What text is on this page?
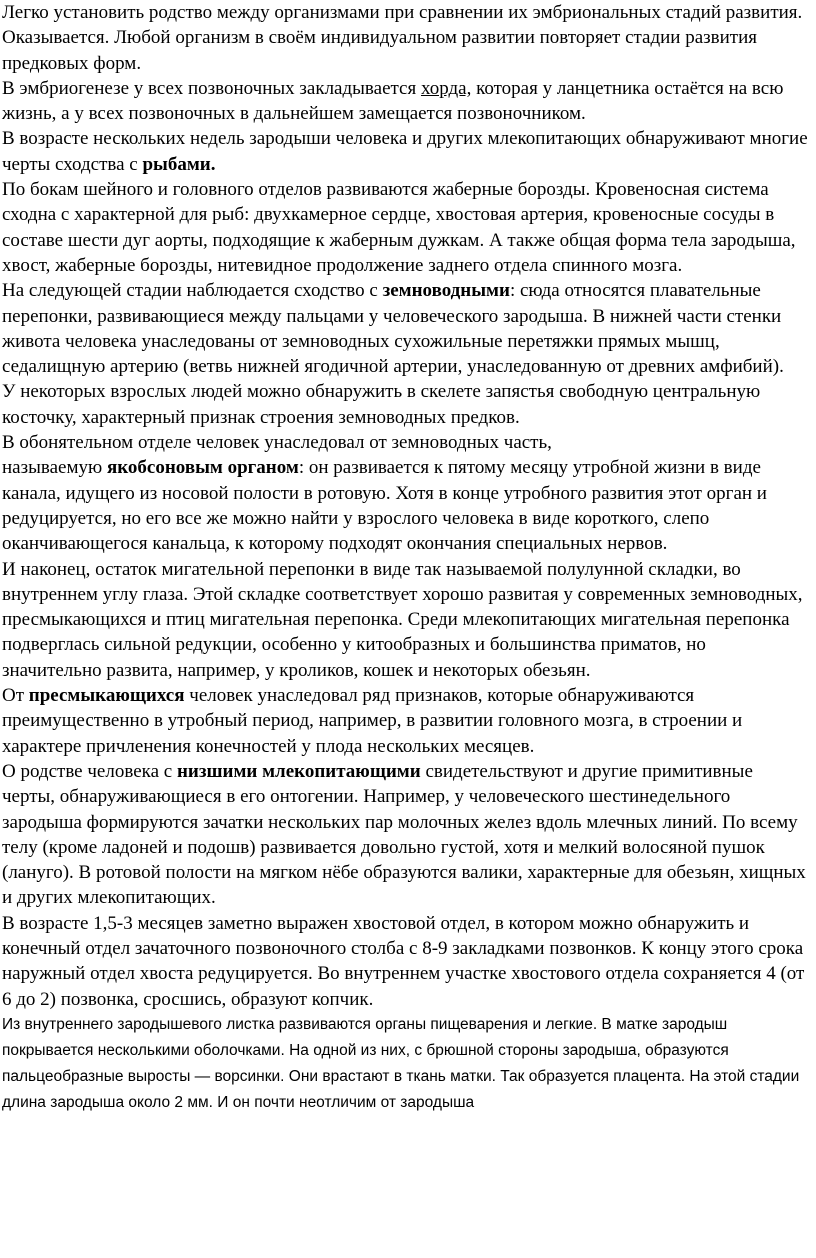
Легко установить родство между организмами при сравнении их эмбриональных стадий развития.

Оказывается. Любой организм в своём индивидуальном развитии повторяет стадии развития предковых форм.

В эмбриогенезе у всех позвоночных закладывается хорда, которая у ланцетника остаётся на всю жизнь, а у всех позвоночных в дальнейшем замещается позвоночником.

В возрасте нескольких недель зародыши человека и других млекопитающих обнаруживают многие черты сходства с рыбами.

По бокам шейного и головного отделов развиваются жаберные борозды. Кровеносная система сходна с характерной для рыб: двухкамерное сердце, хвостовая артерия, кровеносные сосуды в составе шести дуг аорты, подходящие к жаберным дужкам. А также общая форма тела зародыша, хвост, жаберные борозды, нитевидное продолжение заднего отдела спинного мозга.

На следующей стадии наблюдается сходство с земноводными: сюда относятся плавательные перепонки, развивающиеся между пальцами у человеческого зародыша. В нижней части стенки живота человека унаследованы от земноводных сухожильные перетяжки прямых мышц, седалищную артерию (ветвь нижней ягодичной артерии, унаследованную от древних амфибий).

У некоторых взрослых людей можно обнаружить в скелете запястья свободную центральную косточку, характерный признак строения земноводных предков.

В обонятельном отделе человек унаследовал от земноводных часть,
называемую якобсоновым органом: он развивается к пятому месяцу утробной жизни в виде канала, идущего из носовой полости в ротовую. Хотя в конце утробного развития этот орган и редуцируется, но его все же можно найти у взрослого человека в виде короткого, слепо оканчивающегося канальца, к которому подходят окончания специальных нервов.

И наконец, остаток мигательной перепонки в виде так называемой полулунной складки, во внутреннем углу глаза. Этой складке соответствует хорошо развитая у современных земноводных, пресмыкающихся и птиц мигательная перепонка. Среди млекопитающих мигательная перепонка подверглась сильной редукции, особенно у китообразных и большинства приматов, но значительно развита, например, у кроликов, кошек и некоторых обезьян.

От пресмыкающихся человек унаследовал ряд признаков, которые обнаруживаются преимущественно в утробный период, например, в развитии головного мозга, в строении и характере причленения конечностей у плода нескольких месяцев.

О родстве человека с низшими млекопитающими свидетельствуют и другие примитивные черты, обнаруживающиеся в его онтогении. Например, у человеческого шестинедельного зародыша формируются зачатки нескольких пар молочных желез вдоль млечных линий. По всему телу (кроме ладоней и подошв) развивается довольно густой, хотя и мелкий волосяной пушок (лануго). В ротовой полости на мягком нёбе образуются валики, характерные для обезьян, хищных и других млекопитающих.

В возрасте 1,5-3 месяцев заметно выражен хвостовой отдел, в котором можно обнаружить и конечный отдел зачаточного позвоночного столба с 8-9 закладками позвонков. К концу этого срока наружный отдел хвоста редуцируется. Во внутреннем участке хвостового отдела сохраняется 4 (от 6 до 2) позвонка, сросшись, образуют копчик.

Из внутреннего зародышевого листка развиваются органы пищеварения и легкие. В матке зародыш покрывается несколькими оболочками. На одной из них, с брюшной стороны зародыша, образуются пальцеобразные выросты — ворсинки. Они врастают в ткань матки. Так образуется плацента. На этой стадии длина зародыша около 2 мм. И он почти неотличим от зародыша
